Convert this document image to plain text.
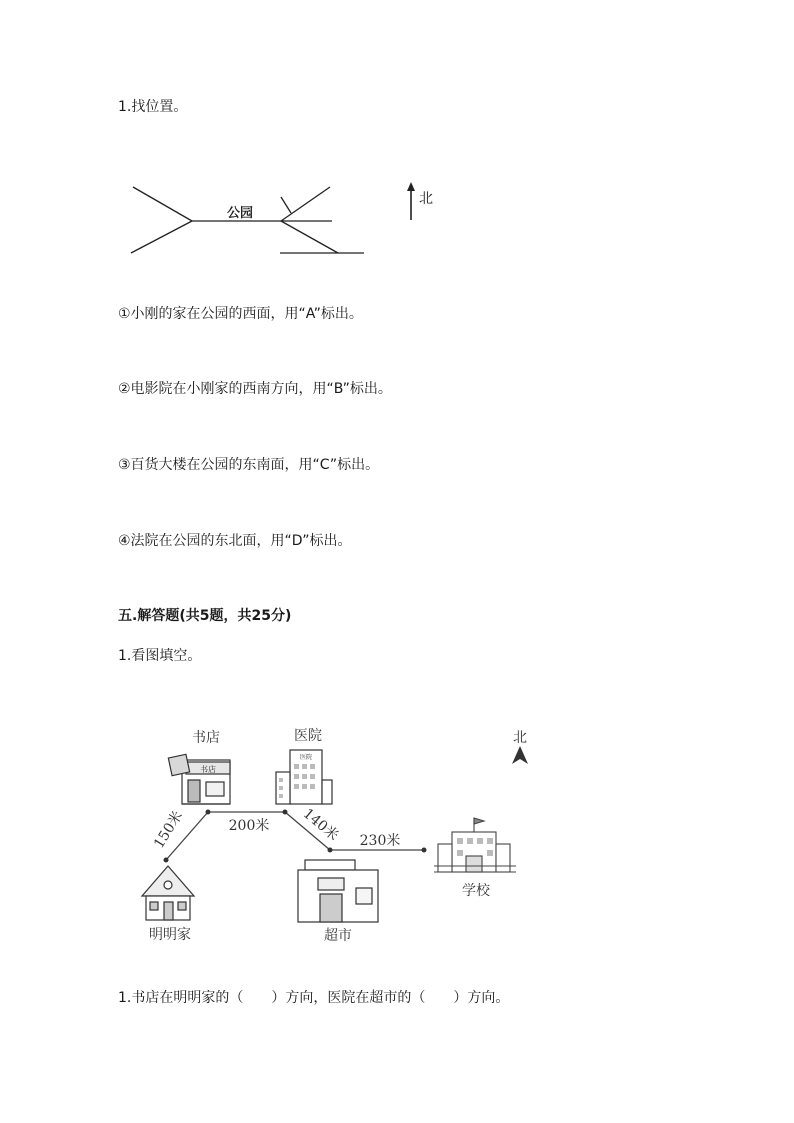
1.找位置。
公园
北
①小刚的家在公园的西面，用“A”标出。
②电影院在小刚家的西南方向，用“B”标出。
③百货大楼在公园的东南面，用“C”标出。
④法院在公园的东北面，用“D”标出。
五.解答题(共5题，共25分)
1.看图填空。
150米	200米 140米 230米
书店
书店
医院
医院
北
明明家	超市
学校
1.书店在明明家的（　　）方向，医院在超市的（　　）方向。
